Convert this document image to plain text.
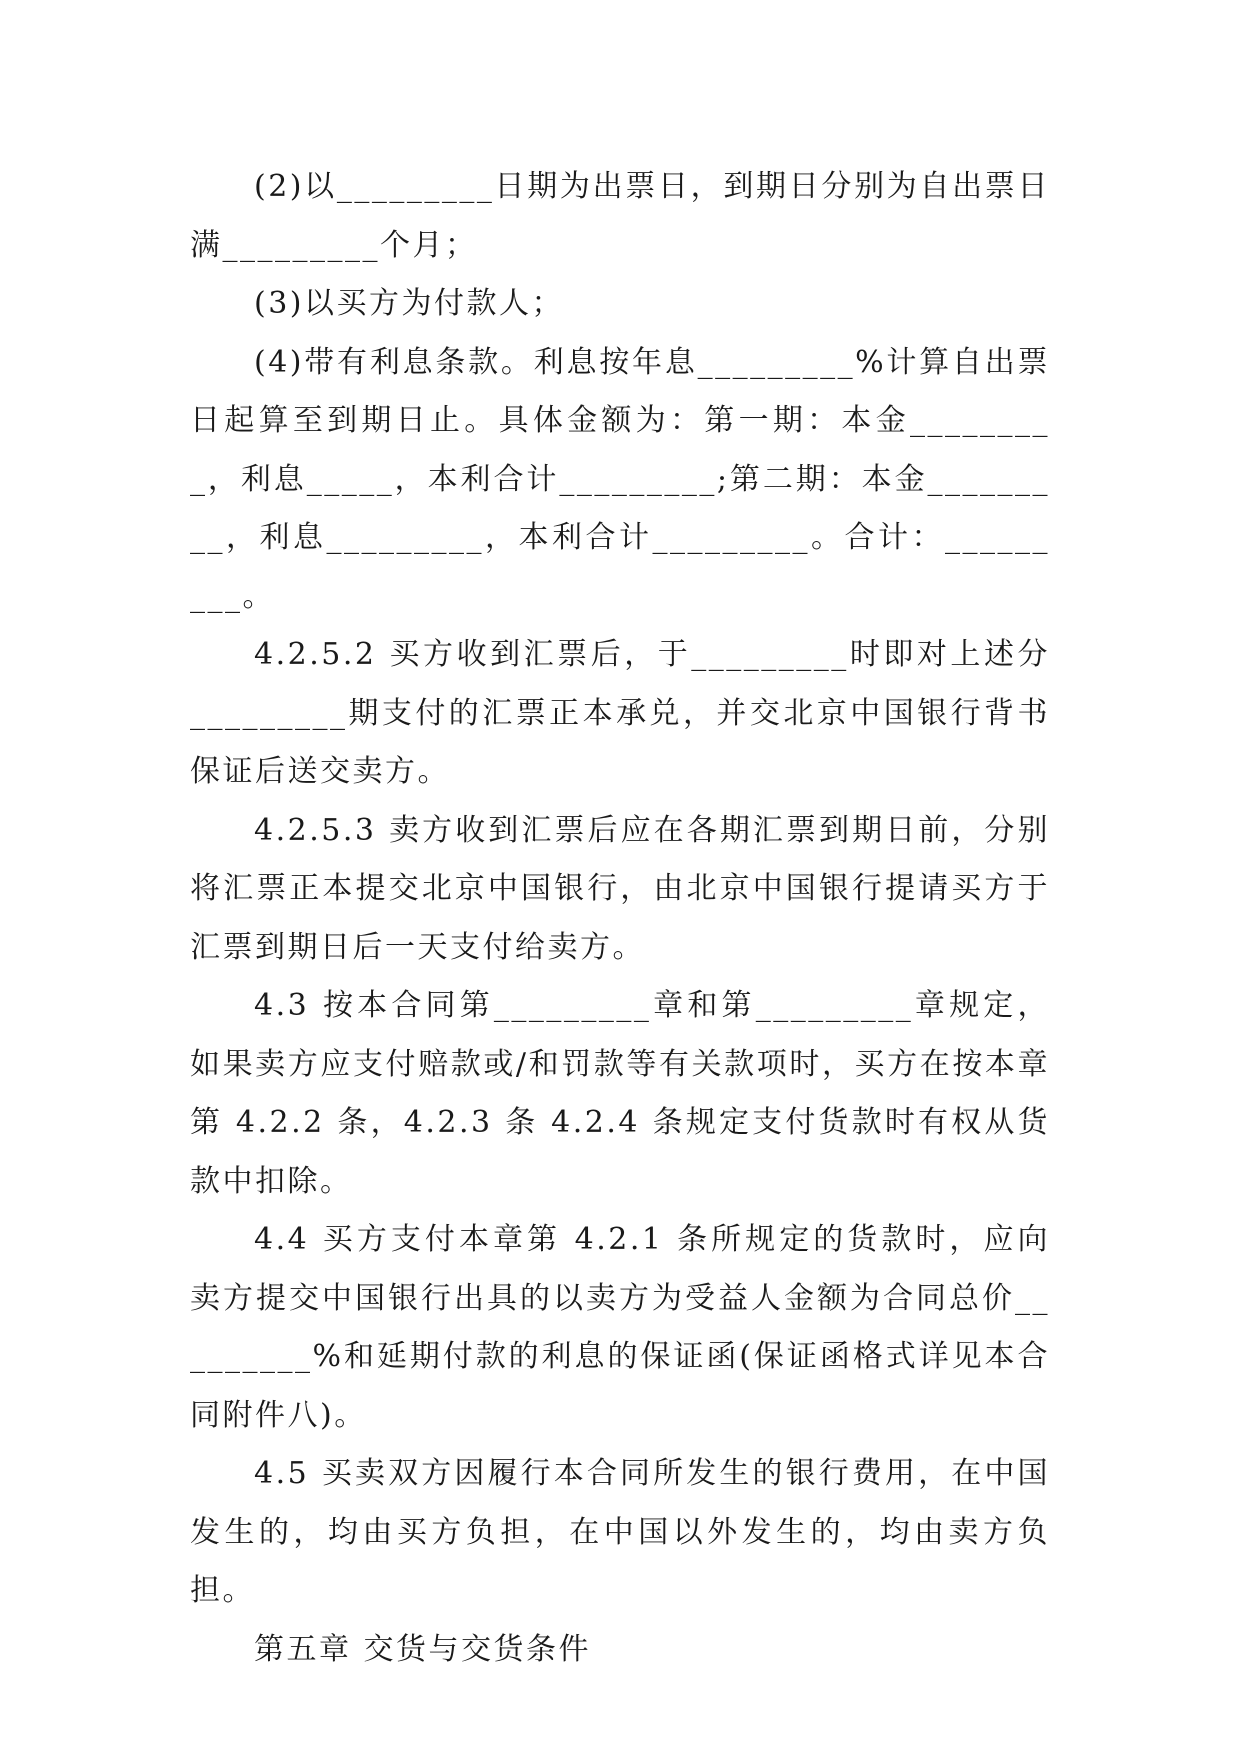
(2)以_________日期为出票日，到期日分别为自出票日满_________个月；

(3)以买方为付款人；

(4)带有利息条款。利息按年息_________%计算自出票日起算至到期日止。具体金额为：第一期：本金_________，利息_____，本利合计_________;第二期：本金_________，利息_________，本利合计_________。合计：_________。

4.2.5.2 买方收到汇票后，于_________时即对上述分_________期支付的汇票正本承兑，并交北京中国银行背书保证后送交卖方。

4.2.5.3 卖方收到汇票后应在各期汇票到期日前，分别将汇票正本提交北京中国银行，由北京中国银行提请买方于汇票到期日后一天支付给卖方。

4.3 按本合同第_________章和第_________章规定，如果卖方应支付赔款或/和罚款等有关款项时，买方在按本章第 4.2.2 条，4.2.3 条 4.2.4 条规定支付货款时有权从货款中扣除。

4.4 买方支付本章第 4.2.1 条所规定的货款时，应向卖方提交中国银行出具的以卖方为受益人金额为合同总价_________%和延期付款的利息的保证函(保证函格式详见本合同附件八)。

4.5 买卖双方因履行本合同所发生的银行费用，在中国发生的，均由买方负担，在中国以外发生的，均由卖方负担。

第五章 交货与交货条件
